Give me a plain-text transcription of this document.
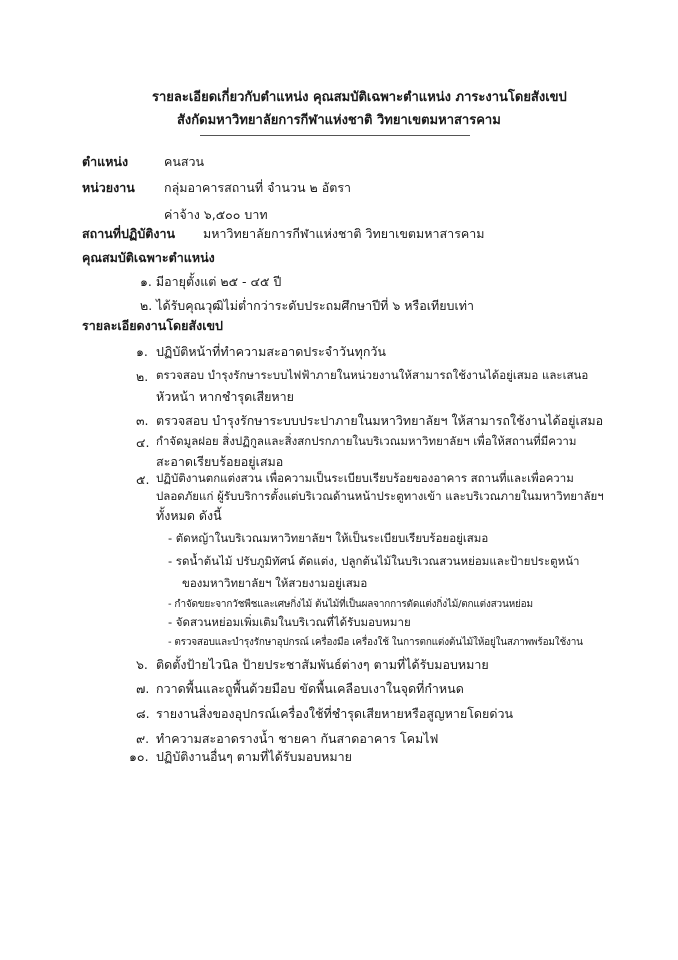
รายละเอียดเกี่ยวกับตำแหน่ง คุณสมบัติเฉพาะตำแหน่ง ภาระงานโดยสังเขป
สังกัดมหาวิทยาลัยการกีฬาแห่งชาติ วิทยาเขตมหาสารคาม
ตำแหน่ง	คนสวน
หน่วยงาน กลุ่มอาคารสถานที่ จำนวน ๒ อัตรา
ค่าจ้าง ๖,๕๐๐ บาท
สถานที่ปฏิบัติงาน มหาวิทยาลัยการกีฬาแห่งชาติ วิทยาเขตมหาสารคาม
คุณสมบัติเฉพาะตำแหน่ง
๑. มีอายุตั้งแต่ ๒๕ - ๔๕ ปี
๒. ได้รับคุณวุฒิไม่ต่ำกว่าระดับประถมศึกษาปีที่ ๖ หรือเทียบเท่า
รายละเอียดงานโดยสังเขป
๑. ปฏิบัติหน้าที่ทำความสะอาดประจำวันทุกวัน
๒. ตรวจสอบ บำรุงรักษาระบบไฟฟ้าภายในหน่วยงานให้สามารถใช้งานได้อยู่เสมอ และเสนอ
หัวหน้า หากชำรุดเสียหาย
๓. ตรวจสอบ บำรุงรักษาระบบประปาภายในมหาวิทยาลัยฯ ให้สามารถใช้งานได้อยู่เสมอ
๔. กำจัดมูลฝอย สิ่งปฏิกูลและสิ่งสกปรกภายในบริเวณมหาวิทยาลัยฯ เพื่อให้สถานที่มีความ
สะอาดเรียบร้อยอยู่เสมอ
๕. ปฏิบัติงานตกแต่งสวน เพื่อความเป็นระเบียบเรียบร้อยของอาคาร สถานที่และเพื่อความ
ปลอดภัยแก่ ผู้รับบริการตั้งแต่บริเวณด้านหน้าประตูทางเข้า และบริเวณภายในมหาวิทยาลัยฯ
ทั้งหมด ดังนี้
- ตัดหญ้าในบริเวณมหาวิทยาลัยฯ ให้เป็นระเบียบเรียบร้อยอยู่เสมอ
- รดน้ำต้นไม้ ปรับภูมิทัศน์ ตัดแต่ง, ปลูกต้นไม้ในบริเวณสวนหย่อมและป้ายประตูหน้า
ของมหาวิทยาลัยฯ ให้สวยงามอยู่เสมอ
- กำจัดขยะจากวัชพืชและเศษกิ่งไม้ ต้นไม้ที่เป็นผลจากการตัดแต่งกิ่งไม้/ตกแต่งสวนหย่อม
- จัดสวนหย่อมเพิ่มเติมในบริเวณที่ได้รับมอบหมาย
- ตรวจสอบและบำรุงรักษาอุปกรณ์ เครื่องมือ เครื่องใช้ ในการตกแต่งต้นไม้ให้อยู่ในสภาพพร้อมใช้งาน
๖. ติดตั้งป้ายไวนิล ป้ายประชาสัมพันธ์ต่างๆ ตามที่ได้รับมอบหมาย
๗. กวาดพื้นและถูพื้นด้วยมือบ ขัดพื้นเคลือบเงาในจุดที่กำหนด
๘. รายงานสิ่งของอุปกรณ์เครื่องใช้ที่ชำรุดเสียหายหรือสูญหายโดยด่วน
๙. ทำความสะอาดรางน้ำ ชายคา กันสาดอาคาร โคมไฟ
๑๐. ปฏิบัติงานอื่นๆ ตามที่ได้รับมอบหมาย
